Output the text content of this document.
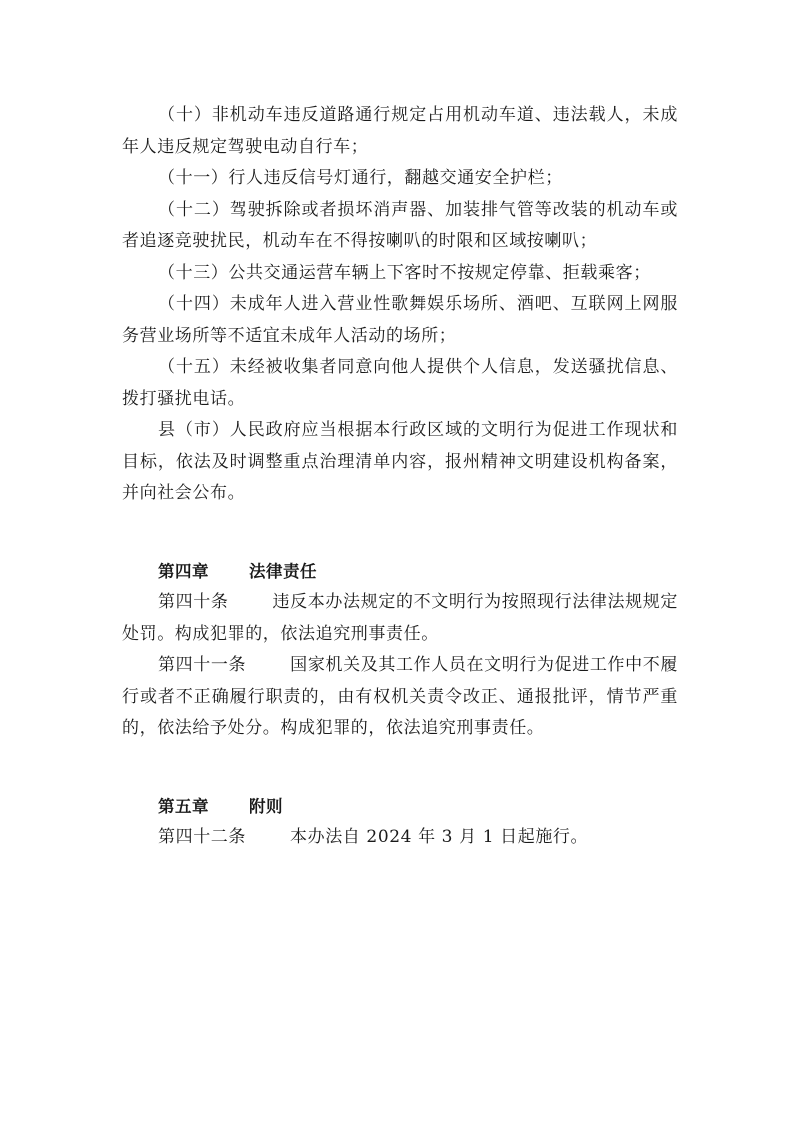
（十）非机动车违反道路通行规定占用机动车道、违法载人，未成年人违反规定驾驶电动自行车；

（十一）行人违反信号灯通行，翻越交通安全护栏；

（十二）驾驶拆除或者损坏消声器、加装排气管等改装的机动车或者追逐竞驶扰民，机动车在不得按喇叭的时限和区域按喇叭；

（十三）公共交通运营车辆上下客时不按规定停靠、拒载乘客；

（十四）未成年人进入营业性歌舞娱乐场所、酒吧、互联网上网服务营业场所等不适宜未成年人活动的场所；

（十五）未经被收集者同意向他人提供个人信息，发送骚扰信息、拨打骚扰电话。

县（市）人民政府应当根据本行政区域的文明行为促进工作现状和目标，依法及时调整重点治理清单内容，报州精神文明建设机构备案，并向社会公布。

第四章 法律责任

第四十条	违反本办法规定的不文明行为按照现行法律法规规定处罚。构成犯罪的，依法追究刑事责任。

第四十一条	国家机关及其工作人员在文明行为促进工作中不履行或者不正确履行职责的，由有权机关责令改正、通报批评，情节严重的，依法给予处分。构成犯罪的，依法追究刑事责任。

第五章 附则

第四十二条	本办法自 2024 年 3 月 1 日起施行。
